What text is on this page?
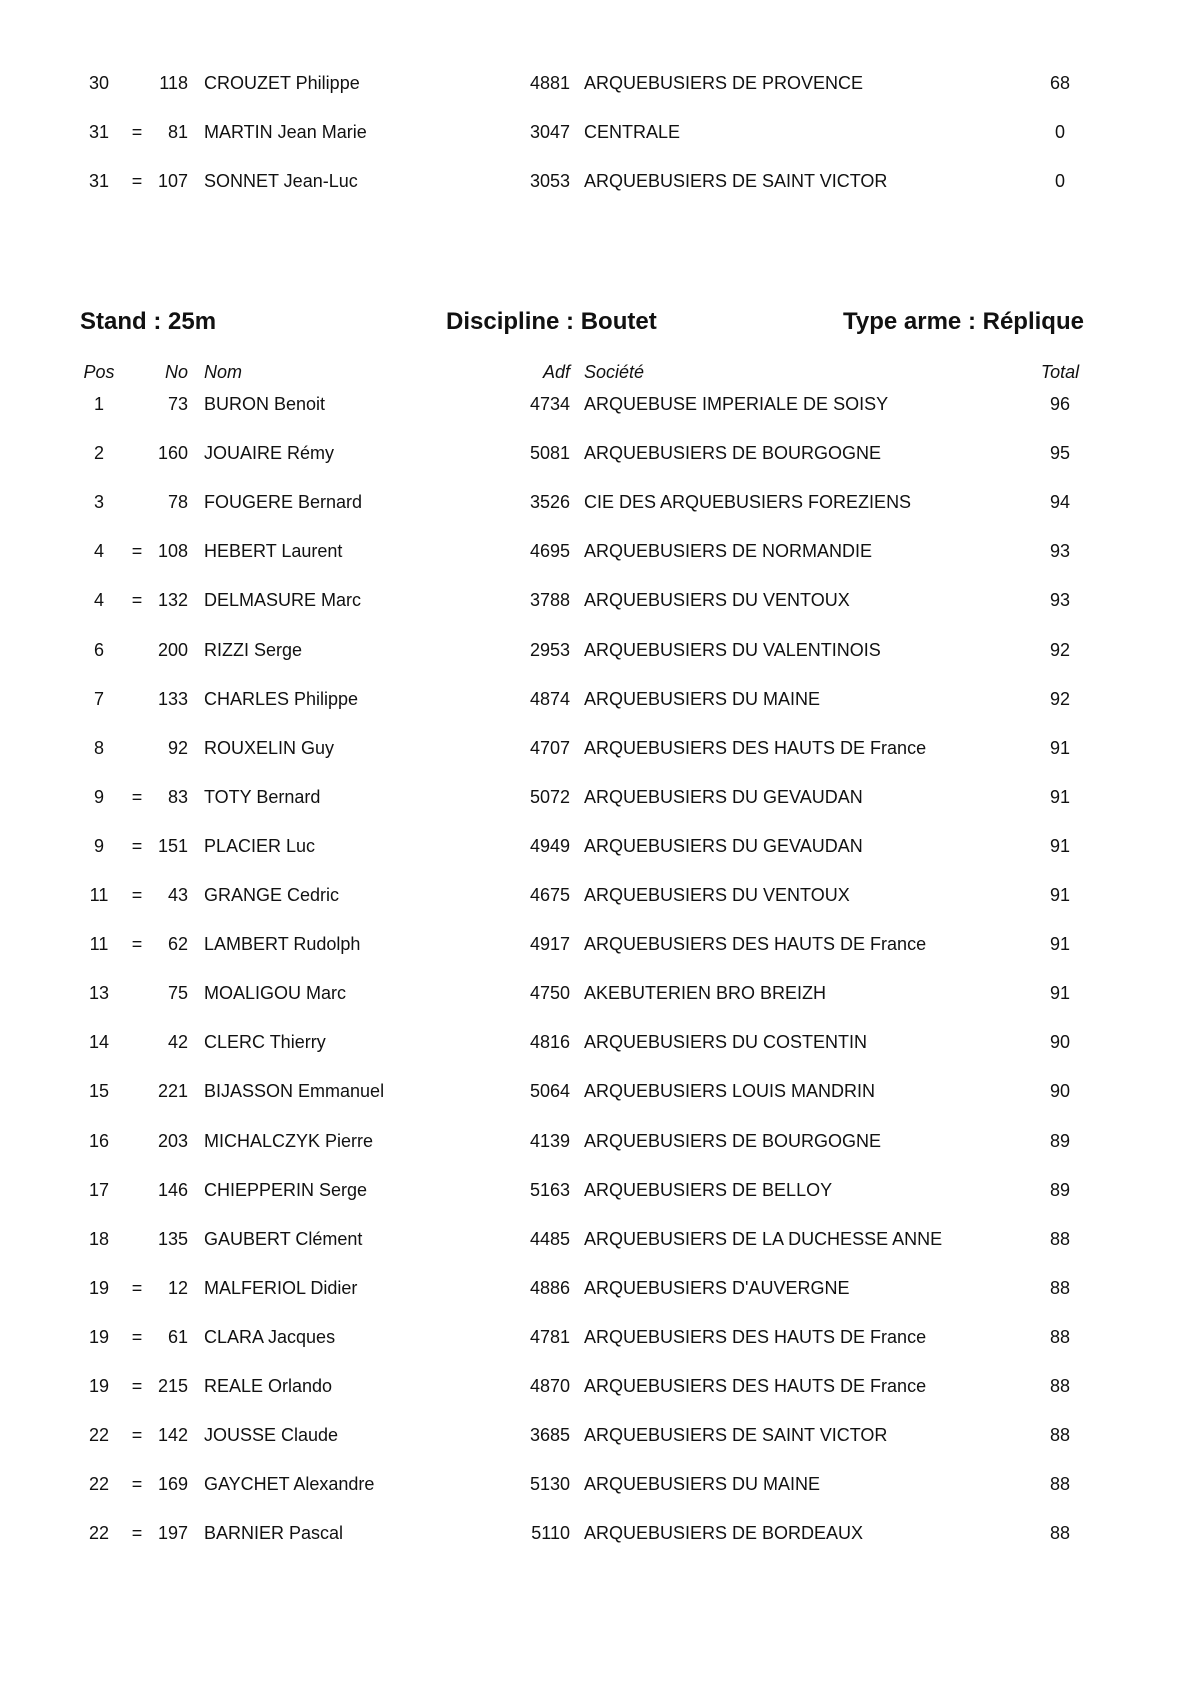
30	118 CROUZET Philippe	4881 ARQUEBUSIERS DE PROVENCE	68
31	=	81 MARTIN Jean Marie	3047 CENTRALE	0
31	= 107 SONNET Jean-Luc	3053 ARQUEBUSIERS DE SAINT VICTOR	0
Stand : 25m	Discipline : Boutet	Type arme : Réplique
Pos	No Nom	Adf Société	Total
1	73 BURON Benoit	4734 ARQUEBUSE IMPERIALE DE SOISY	96
2	160 JOUAIRE Rémy	5081 ARQUEBUSIERS DE BOURGOGNE	95
3	78 FOUGERE Bernard	3526 CIE DES ARQUEBUSIERS FOREZIENS	94
4	= 108 HEBERT Laurent	4695 ARQUEBUSIERS DE NORMANDIE	93
4	= 132 DELMASURE Marc	3788 ARQUEBUSIERS DU VENTOUX	93
6	200 RIZZI Serge	2953 ARQUEBUSIERS DU VALENTINOIS	92
7	133 CHARLES Philippe	4874 ARQUEBUSIERS DU MAINE	92
8	92 ROUXELIN Guy	4707 ARQUEBUSIERS DES HAUTS DE France	91
9	=	83 TOTY Bernard	5072 ARQUEBUSIERS DU GEVAUDAN	91
9	= 151 PLACIER Luc	4949 ARQUEBUSIERS DU GEVAUDAN	91
11	=	43 GRANGE Cedric	4675 ARQUEBUSIERS DU VENTOUX	91
11	=	62 LAMBERT Rudolph	4917 ARQUEBUSIERS DES HAUTS DE France	91
13	75 MOALIGOU Marc	4750 AKEBUTERIEN BRO BREIZH	91
14	42 CLERC Thierry	4816 ARQUEBUSIERS DU COSTENTIN	90
15	221 BIJASSON Emmanuel	5064 ARQUEBUSIERS LOUIS MANDRIN	90
16	203 MICHALCZYK Pierre	4139 ARQUEBUSIERS DE BOURGOGNE	89
17	146 CHIEPPERIN Serge	5163 ARQUEBUSIERS DE BELLOY	89
18	135 GAUBERT Clément	4485 ARQUEBUSIERS DE LA DUCHESSE ANNE	88
19	=	12 MALFERIOL Didier	4886 ARQUEBUSIERS D'AUVERGNE	88
19	=	61 CLARA Jacques	4781 ARQUEBUSIERS DES HAUTS DE France	88
19	= 215 REALE Orlando	4870 ARQUEBUSIERS DES HAUTS DE France	88
22	= 142 JOUSSE Claude	3685 ARQUEBUSIERS DE SAINT VICTOR	88
22	= 169 GAYCHET Alexandre	5130 ARQUEBUSIERS DU MAINE	88
22	= 197 BARNIER Pascal	5110 ARQUEBUSIERS DE BORDEAUX	88
